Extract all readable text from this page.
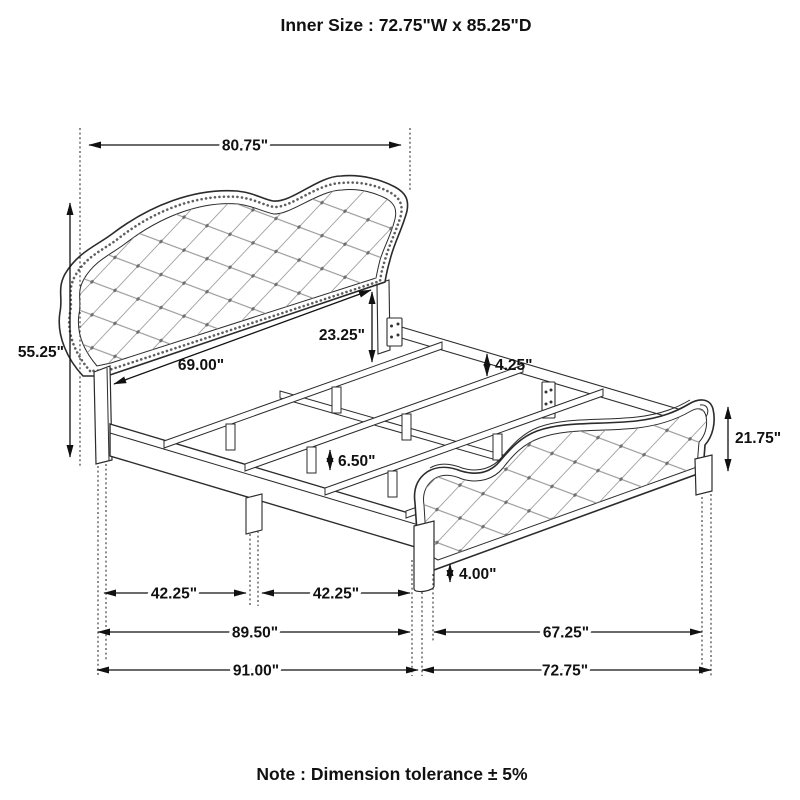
80.75"
55.25"
69.00"
23.25"
4.25"
21.75"
6.50"
4.00"
42.25"	42.25"
89.50"	67.25"
91.00"	72.75"
Inner Size : 72.75"W x 85.25"D
Note : Dimension tolerance ± 5%
